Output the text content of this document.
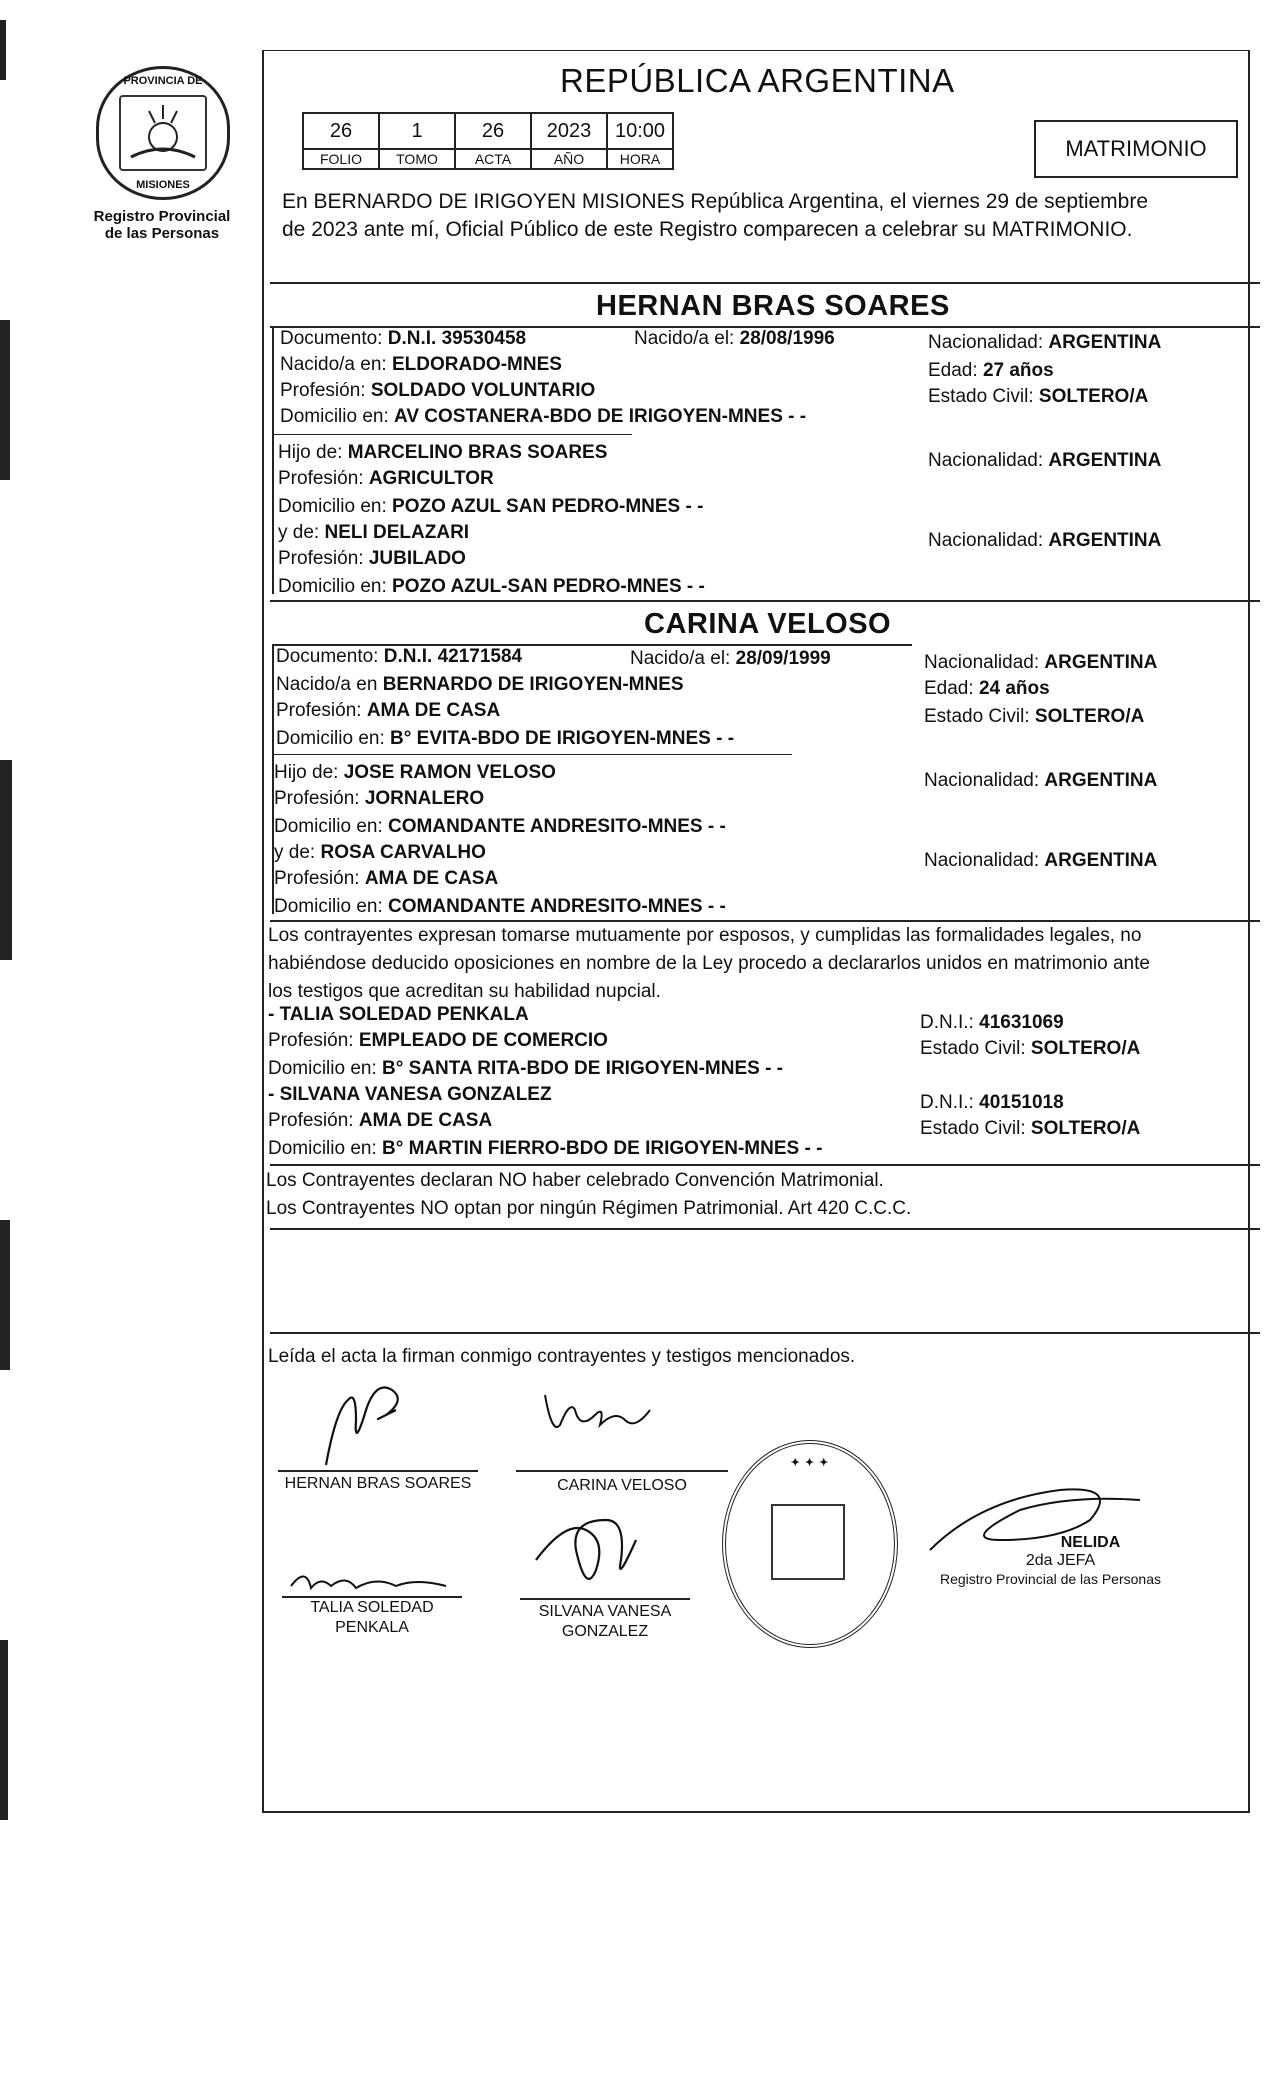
PROVINCIA DE
MISIONES
Registro Provincial
de las Personas
REPÚBLICA ARGENTINA
26	1	26	2023	10:00
FOLIO	TOMO	ACTA	AÑO	HORA	MATRIMONIO
En BERNARDO DE IRIGOYEN MISIONES República Argentina, el viernes 29 de septiembre
de 2023 ante mí, Oficial Público de este Registro comparecen a celebrar su MATRIMONIO.
HERNAN BRAS SOARES
Documento: D.N.I. 39530458	Nacido/a el: 28/08/1996	Nacionalidad: ARGENTINA
Nacido/a en: ELDORADO-MNES	Edad: 27 años
Profesión: SOLDADO VOLUNTARIO	Estado Civil: SOLTERO/A
Domicilio en: AV COSTANERA-BDO DE IRIGOYEN-MNES - -
Hijo de: MARCELINO BRAS SOARES	Nacionalidad: ARGENTINA
Profesión: AGRICULTOR
Domicilio en: POZO AZUL SAN PEDRO-MNES - -
y de: NELI DELAZARI	Nacionalidad: ARGENTINA
Profesión: JUBILADO
Domicilio en: POZO AZUL-SAN PEDRO-MNES - -
CARINA VELOSO
Documento: D.N.I. 42171584	Nacido/a el: 28/09/1999	Nacionalidad: ARGENTINA
Nacido/a en BERNARDO DE IRIGOYEN-MNES	Edad: 24 años
Profesión: AMA DE CASA	Estado Civil: SOLTERO/A
Domicilio en: B° EVITA-BDO DE IRIGOYEN-MNES - -
Hijo de: JOSE RAMON VELOSO	Nacionalidad: ARGENTINA
Profesión: JORNALERO
Domicilio en: COMANDANTE ANDRESITO-MNES - -
y de: ROSA CARVALHO	Nacionalidad: ARGENTINA
Profesión: AMA DE CASA
Domicilio en: COMANDANTE ANDRESITO-MNES - -
Los contrayentes expresan tomarse mutuamente por esposos, y cumplidas las formalidades legales, no
habiéndose deducido oposiciones en nombre de la Ley procedo a declararlos unidos en matrimonio ante
los testigos que acreditan su habilidad nupcial.
- TALIA SOLEDAD PENKALA	D.N.I.: 41631069
Profesión: EMPLEADO DE COMERCIO	Estado Civil: SOLTERO/A
Domicilio en: B° SANTA RITA-BDO DE IRIGOYEN-MNES - -
- SILVANA VANESA GONZALEZ	D.N.I.: 40151018
Profesión: AMA DE CASA	Estado Civil: SOLTERO/A
Domicilio en: B° MARTIN FIERRO-BDO DE IRIGOYEN-MNES - -
Los Contrayentes declaran NO haber celebrado Convención Matrimonial.
Los Contrayentes NO optan por ningún Régimen Patrimonial. Art 420 C.C.C.
Leída el acta la firman conmigo contrayentes y testigos mencionados.
HERNAN BRAS SOARES	CARINA VELOSO
TALIA SOLEDAD
PENKALA
SILVANA VANESA
GONZALEZ
✦ ✦ ✦
NELIDA
2da JEFA
Registro Provincial de las Personas
